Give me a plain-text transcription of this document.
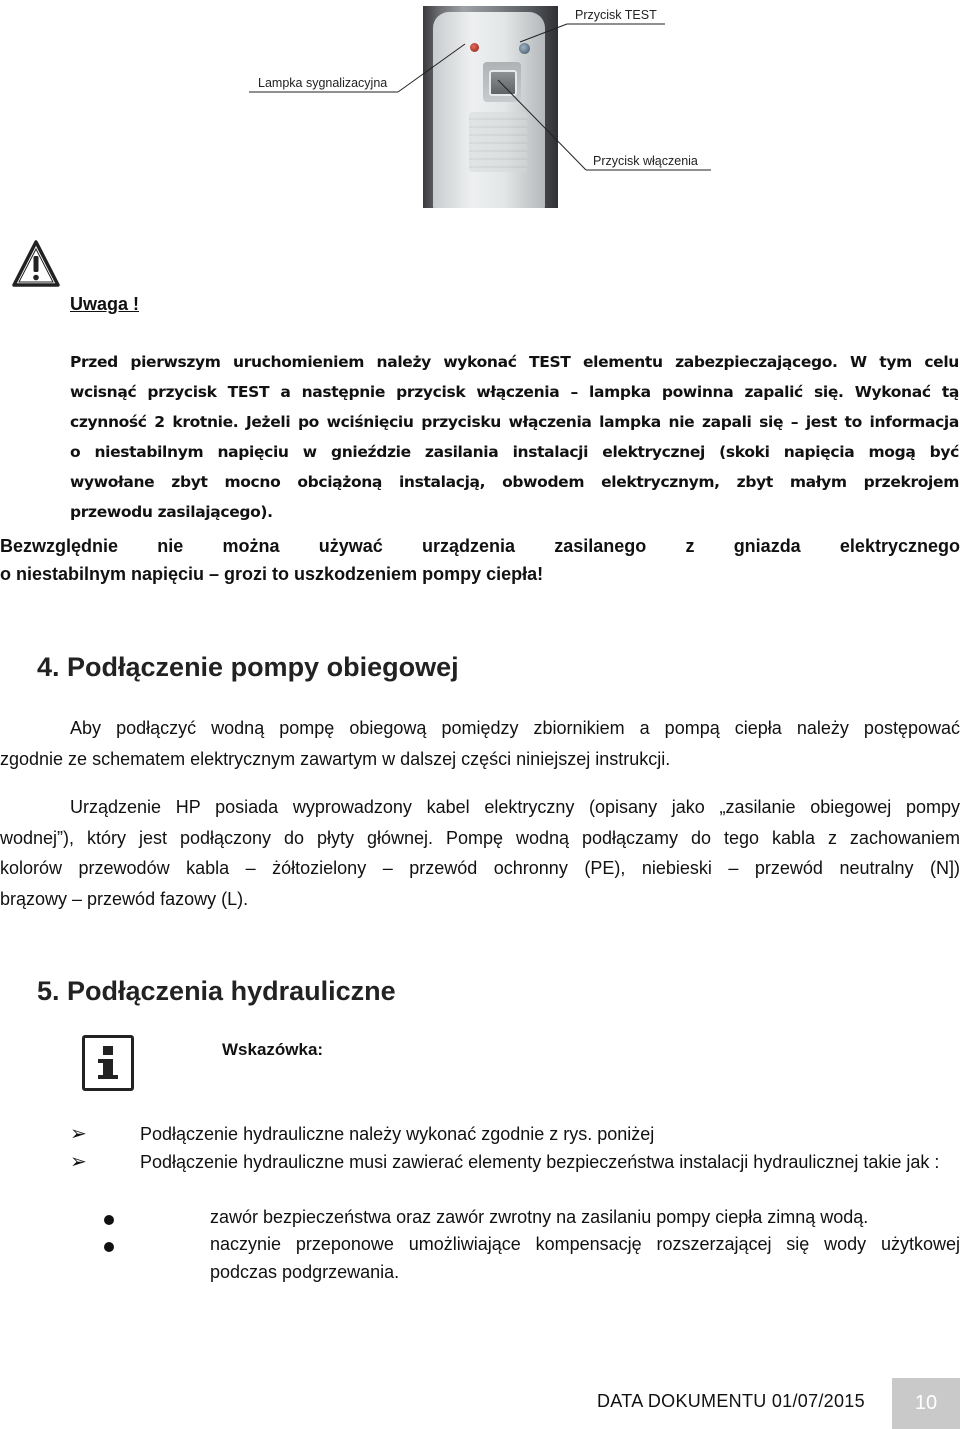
Przycisk TEST
Lampka sygnalizacyjna
Przycisk włączenia
Uwaga !
Przed pierwszym uruchomieniem należy wykonać TEST elementu zabezpieczającego. W tym celu
wcisnąć przycisk TEST a następnie przycisk włączenia – lampka powinna zapalić się. Wykonać tą
czynność 2 krotnie. Jeżeli po wciśnięciu przycisku włączenia lampka nie zapali się – jest to informacja
o niestabilnym napięciu w gnieździe zasilania instalacji elektrycznej (skoki napięcia mogą być
wywołane zbyt mocno obciążoną instalacją, obwodem elektrycznym, zbyt małym przekrojem
przewodu zasilającego).
Bezwzględnie nie można używać urządzenia zasilanego z gniazda elektrycznego
o niestabilnym napięciu – grozi to uszkodzeniem pompy ciepła!
4. Podłączenie pompy obiegowej
Aby podłączyć wodną pompę obiegową pomiędzy zbiornikiem a pompą ciepła należy postępować
zgodnie ze schematem elektrycznym zawartym w dalszej części niniejszej instrukcji.
Urządzenie HP posiada wyprowadzony kabel elektryczny (opisany jako „zasilanie obiegowej pompy
wodnej”), który jest podłączony do płyty głównej. Pompę wodną podłączamy do tego kabla z zachowaniem
kolorów przewodów kabla – żółtozielony – przewód ochronny (PE), niebieski – przewód neutralny (N])
brązowy – przewód fazowy (L).
5. Podłączenia hydrauliczne
Wskazówka:
➢	Podłączenie hydrauliczne należy wykonać zgodnie z rys. poniżej
➢	Podłączenie hydrauliczne musi zawierać elementy bezpieczeństwa instalacji hydraulicznej takie jak :
zawór bezpieczeństwa oraz zawór zwrotny na zasilaniu pompy ciepła zimną wodą.
naczynie przeponowe umożliwiające kompensację rozszerzającej się wody użytkowej podczas podgrzewania.
DATA DOKUMENTU 01/07/2015	10
